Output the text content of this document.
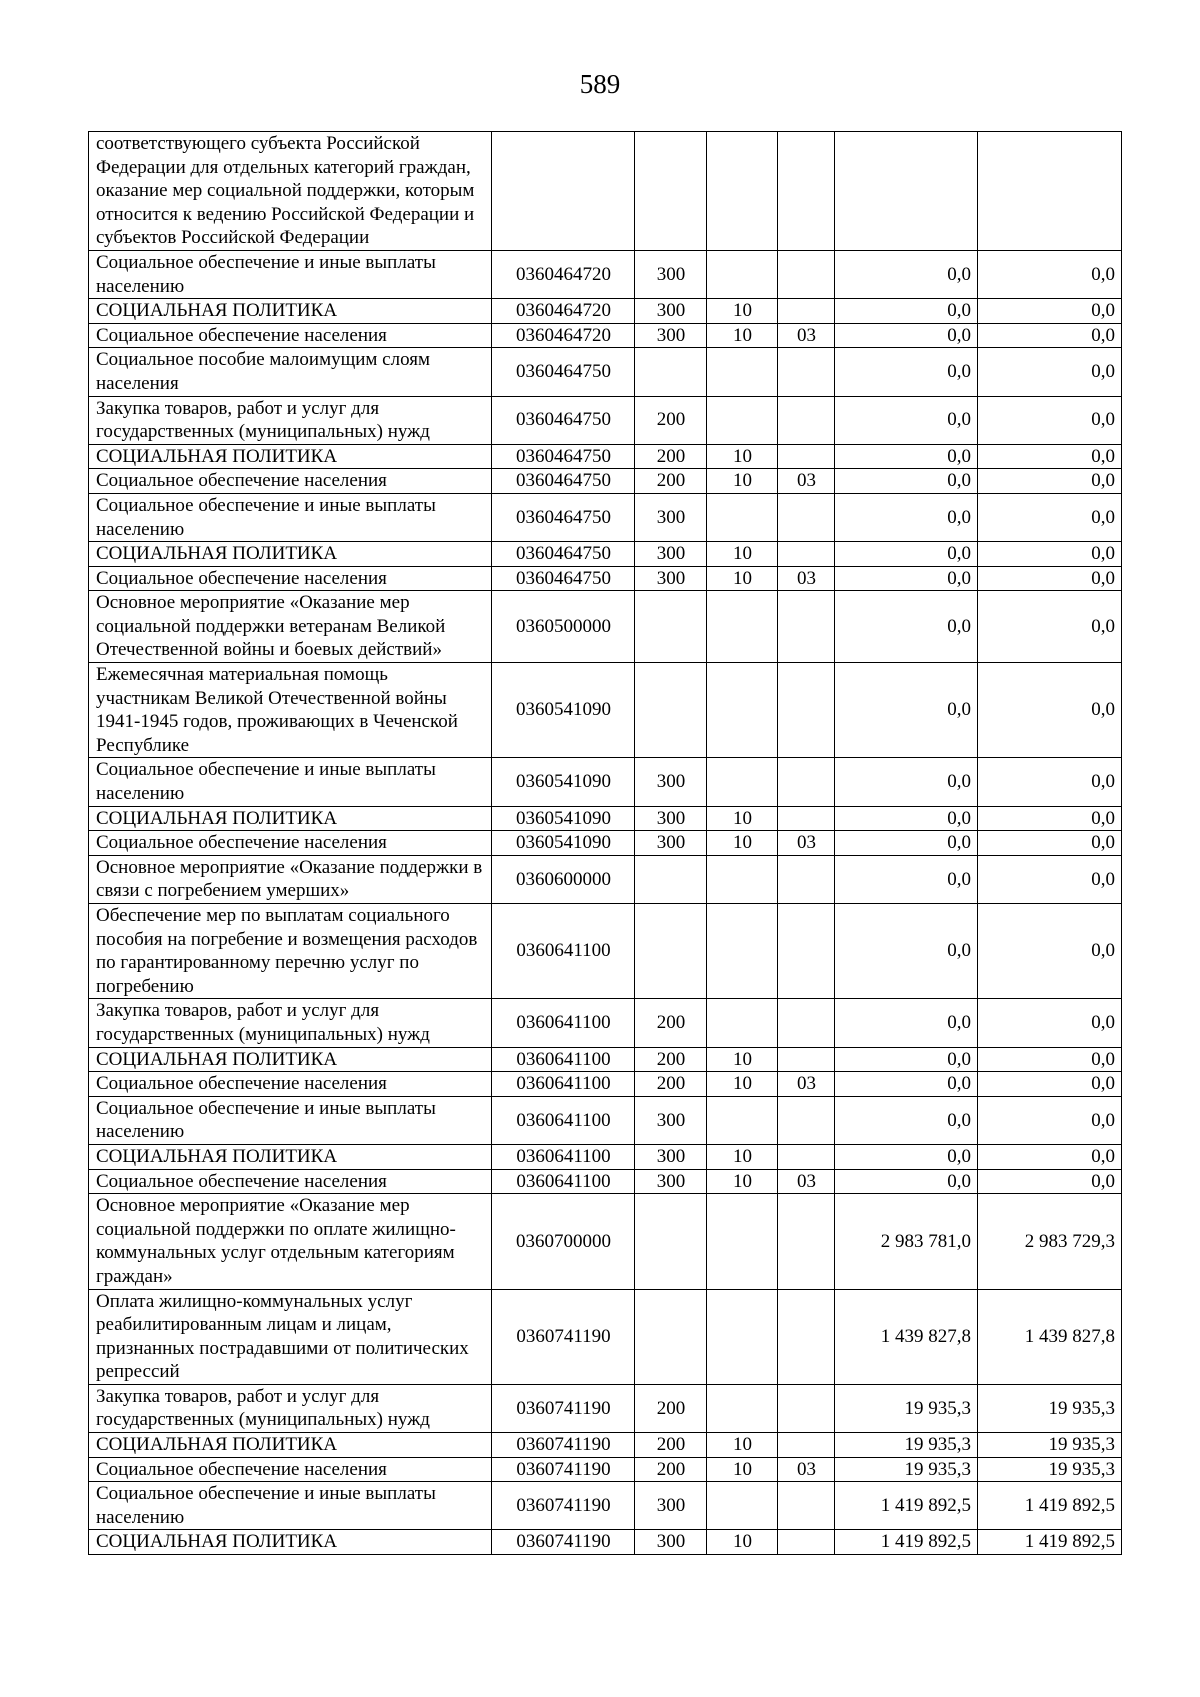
589
соответствующего субъекта Российской Федерации для отдельных категорий граждан, оказание мер социальной поддержки, которым относится к ведению Российской Федерации и субъектов Российской Федерации						
Социальное обеспечение и иные выплаты населению	0360464720	300			0,0	0,0
СОЦИАЛЬНАЯ ПОЛИТИКА	0360464720	300	10		0,0	0,0
Социальное обеспечение населения	0360464720	300	10	03	0,0	0,0
Социальное пособие малоимущим слоям населения	0360464750				0,0	0,0
Закупка товаров, работ и услуг для государственных (муниципальных) нужд	0360464750	200			0,0	0,0
СОЦИАЛЬНАЯ ПОЛИТИКА	0360464750	200	10		0,0	0,0
Социальное обеспечение населения	0360464750	200	10	03	0,0	0,0
Социальное обеспечение и иные выплаты населению	0360464750	300			0,0	0,0
СОЦИАЛЬНАЯ ПОЛИТИКА	0360464750	300	10		0,0	0,0
Социальное обеспечение населения	0360464750	300	10	03	0,0	0,0
Основное мероприятие «Оказание мер социальной поддержки ветеранам Великой Отечественной войны и боевых действий»	0360500000				0,0	0,0
Ежемесячная материальная помощь участникам Великой Отечественной войны 1941-1945 годов, проживающих в Чеченской Республике	0360541090				0,0	0,0
Социальное обеспечение и иные выплаты населению	0360541090	300			0,0	0,0
СОЦИАЛЬНАЯ ПОЛИТИКА	0360541090	300	10		0,0	0,0
Социальное обеспечение населения	0360541090	300	10	03	0,0	0,0
Основное мероприятие «Оказание поддержки в связи с погребением умерших»	0360600000				0,0	0,0
Обеспечение мер по выплатам социального пособия на погребение и возмещения расходов по гарантированному перечню услуг по погребению	0360641100				0,0	0,0
Закупка товаров, работ и услуг для государственных (муниципальных) нужд	0360641100	200			0,0	0,0
СОЦИАЛЬНАЯ ПОЛИТИКА	0360641100	200	10		0,0	0,0
Социальное обеспечение населения	0360641100	200	10	03	0,0	0,0
Социальное обеспечение и иные выплаты населению	0360641100	300			0,0	0,0
СОЦИАЛЬНАЯ ПОЛИТИКА	0360641100	300	10		0,0	0,0
Социальное обеспечение населения	0360641100	300	10	03	0,0	0,0
Основное мероприятие «Оказание мер социальной поддержки по оплате жилищно-коммунальных услуг отдельным категориям граждан»	0360700000				2 983 781,0	2 983 729,3
Оплата жилищно-коммунальных услуг реабилитированным лицам и лицам, признанных пострадавшими от политических репрессий	0360741190				1 439 827,8	1 439 827,8
Закупка товаров, работ и услуг для государственных (муниципальных) нужд	0360741190	200			19 935,3	19 935,3
СОЦИАЛЬНАЯ ПОЛИТИКА	0360741190	200	10		19 935,3	19 935,3
Социальное обеспечение населения	0360741190	200	10	03	19 935,3	19 935,3
Социальное обеспечение и иные выплаты населению	0360741190	300			1 419 892,5	1 419 892,5
СОЦИАЛЬНАЯ ПОЛИТИКА	0360741190	300	10		1 419 892,5	1 419 892,5
